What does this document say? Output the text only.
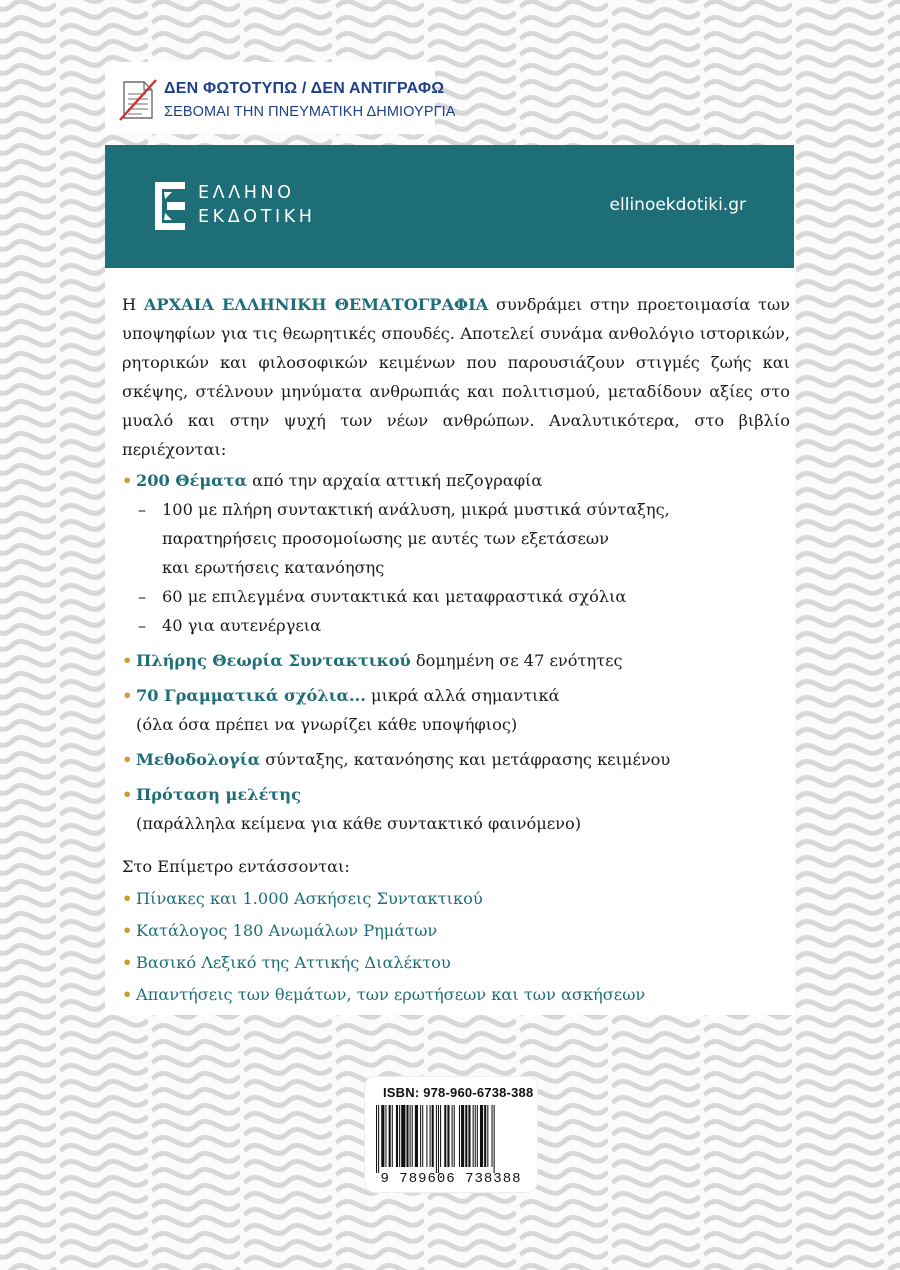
ΔΕΝ ΦΩΤΟΤΥΠΩ / ΔΕΝ ΑΝΤΙΓΡΑΦΩ
ΣΕΒΟΜΑΙ ΤΗΝ ΠΝΕΥΜΑΤΙΚΗ ΔΗΜΙΟΥΡΓΙΑ
ΕΛΛΗΝΟ
ΕΚΔΟΤΙΚΗ
ellinoekdotiki.gr

Η ΑΡΧΑΙΑ ΕΛΛΗΝΙΚΗ ΘΕΜΑΤΟΓΡΑΦΙΑ συνδράμει στην προετοιμασία των υποψηφίων για τις θεωρητικές σπουδές. Αποτελεί συνάμα ανθολόγιο ιστορικών, ρητορικών και φιλοσοφικών κειμένων που παρουσιάζουν στιγμές ζωής και σκέψης, στέλνουν μηνύματα ανθρωπιάς και πολιτισμού, μεταδίδουν αξίες στο μυαλό και στην ψυχή των νέων ανθρώπων. Αναλυτικότερα, στο βιβλίο περιέχονται:

• 200 Θέματα από την αρχαία αττική πεζογραφία
– 100 με πλήρη συντακτική ανάλυση, μικρά μυστικά σύνταξης,
παρατηρήσεις προσομοίωσης με αυτές των εξετάσεων
και ερωτήσεις κατανόησης
– 60 με επιλεγμένα συντακτικά και μεταφραστικά σχόλια
– 40 για αυτενέργεια
• Πλήρης Θεωρία Συντακτικού δομημένη σε 47 ενότητες
• 70 Γραμματικά σχόλια... μικρά αλλά σημαντικά
(όλα όσα πρέπει να γνωρίζει κάθε υποψήφιος)
• Μεθοδολογία σύνταξης, κατανόησης και μετάφρασης κειμένου
• Πρόταση μελέτης
(παράλληλα κείμενα για κάθε συντακτικό φαινόμενο)

Στο Επίμετρο εντάσσονται:

• Πίνακες και 1.000 Ασκήσεις Συντακτικού
• Κατάλογος 180 Ανωμάλων Ρημάτων
• Βασικό Λεξικό της Αττικής Διαλέκτου
• Απαντήσεις των θεμάτων, των ερωτήσεων και των ασκήσεων
ISBN: 978-960-6738-388
9 789606 738388
